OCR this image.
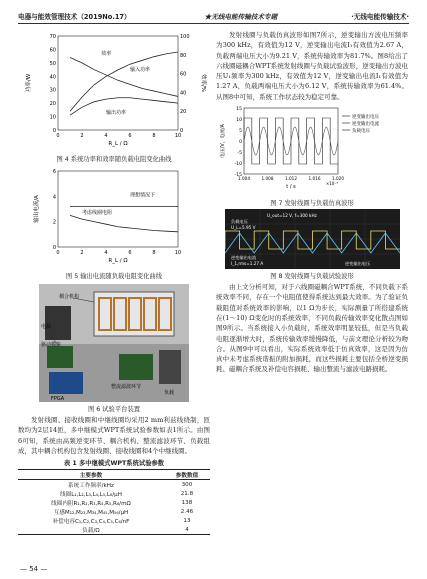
电器与能效管理技术（2019No.17）	★无线电能传输技术专题	·无线电能传输技术·
0	2	4	6	8	10
0
10
20
30
40
50
60
70
0
20
40
60
80
100
R_L / Ω
功率/W	效率/%
效率
输入功率
输出功率
图 4 系统功率和效率随负载电阻变化曲线
0	2	4	6	8	10
0
2
4
6
R_L / Ω
输出电流/A	理想情况下
考虑线圈电阻
图 5 输出电流随负载电阻变化曲线
耦合机构
电源
驱动模块
FPGA
整流滤波环节
负载
图 6 试验平台装置

发射线圈、接收线圈和中继线圈均采用2 mm利兹线绕制，匝数均为2层14匝，多中继模式WPT系统试验参数如表1所示。由图6可知，系统由高频逆变环节、耦合机构、整流滤波环节、负载组成，其中耦合机构包含发射线圈、接收线圈和4个中继线圈。

表 1 多中继模式WPT系统试验参数
主要参数	参数数值
系统工作频率/kHz	300
线圈L₁,L₂,L₃,L₄,L₅,L₆/μH	21.8
线圈内阻R₁,R₂,R₃,R₄,R₅,R₆/mΩ	138
互感M₁₂,M₂₃,M₃₄,M₄₅,M₅₆/μH	2.46
补偿电容C₁,C₂,C₃,C₄,C₅,C₆/nF	13
负载/Ω	4

发射线圈与负载仿真波形如图7所示，逆变输出方波电压频率为300 kHz，有效值为12 V，逆变输出电流I₁有效值为2.67 A，负载两端电压大小为9.21 V，系统传输效率为81.7%。图8给出了六线圈磁耦合WPT系统发射线圈与负载试验波形，逆变输出方波电压U₁频率为300 kHz，有效值为12 V，逆变输出电流I₁有效值为1.27 A，负载两端电压大小为6.12 V，系统传输效率为61.4%。从图8中可知，系统工作状态较为稳定可靠。

15
10
5
0
-5
-10
-15
1.004	1.008	1.012	1.016	1.020
×10⁻³
t / s
电压/V，电流/A
逆变输出电压
逆变输出电流
负载电压
图 7 发射线圈与负载仿真波形
U_out=12 V, f=300 kHz
负载电压
U_L=5.95 V
逆变输出电流
I_1,rms=1.27 A	逆变输出电压
图 8 发射线圈与负载试验波形

由上文分析可知，对于六线圈磁耦合WPT系统，不同负载下系统效率不同，存在一个电阻值使得系统达到最大效率。为了验证负载阻值对系统效率的影响，以1 Ω为步长，实际测量了所搭建系统在(1～10) Ω变化时的系统效率，不同负载传输效率变化散点图如图9所示。当系统接入小负载时，系统效率明显较低，但是当负载电阻逐渐增大时，系统传输效率缓慢降低，与前文理论分析较为吻合。从图9中可以看出，实际系统效率低于仿真效率，这是因为仿真中未考虑系统谐振的附加损耗，而这些损耗主要包括全桥逆变损耗、磁耦合系统及补偿电容损耗、输出整流与滤波电路损耗。

— 54 —
